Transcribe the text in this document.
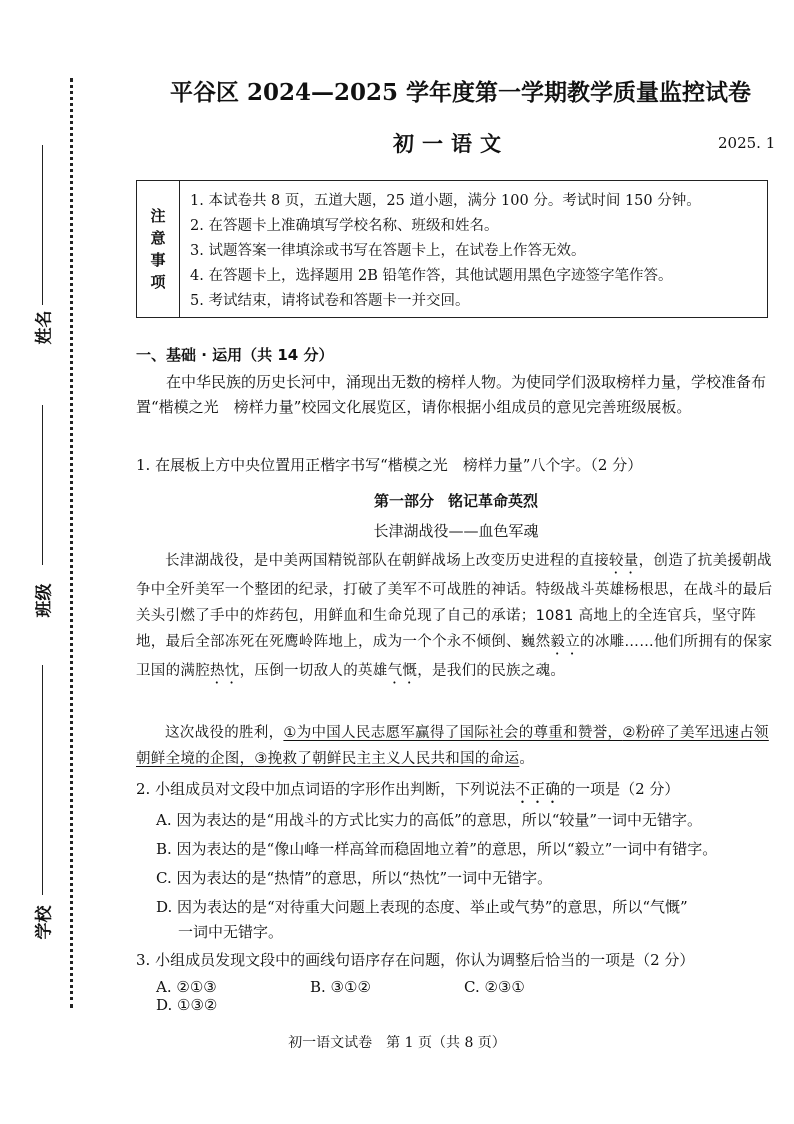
姓名
班级
学校
平谷区 2024—2025 学年度第一学期教学质量监控试卷
初一语文	2025. 1
注
意
事
项
1. 本试卷共 8 页，五道大题，25 道小题，满分 100 分。考试时间 150 分钟。
2. 在答题卡上准确填写学校名称、班级和姓名。
3. 试题答案一律填涂或书写在答题卡上，在试卷上作答无效。
4. 在答题卡上，选择题用 2B 铅笔作答，其他试题用黑色字迹签字笔作答。
5. 考试结束，请将试卷和答题卡一并交回。
一、基础 · 运用（共 14 分）
在中华民族的历史长河中，涌现出无数的榜样人物。为使同学们汲取榜样力量，学校准备布置“楷模之光　榜样力量”校园文化展览区，请你根据小组成员的意见完善班级展板。
1. 在展板上方中央位置用正楷字书写“楷模之光　榜样力量”八个字。（2 分）
第一部分 铭记革命英烈
长津湖战役——血色军魂
长津湖战役，是中美两国精锐部队在朝鲜战场上改变历史进程的直接较量，创造了抗美援朝战争中全歼美军一个整团的纪录，打破了美军不可战胜的神话。特级战斗英雄杨根思，在战斗的最后关头引燃了手中的炸药包，用鲜血和生命兑现了自己的承诺；1081 高地上的全连官兵，坚守阵地，最后全部冻死在死鹰岭阵地上，成为一个个永不倾倒、巍然毅立的冰雕……他们所拥有的保家卫国的满腔热忱，压倒一切敌人的英雄气慨，是我们的民族之魂。
这次战役的胜利，①为中国人民志愿军赢得了国际社会的尊重和赞誉，②粉碎了美军迅速占领朝鲜全境的企图，③挽救了朝鲜民主主义人民共和国的命运。
2. 小组成员对文段中加点词语的字形作出判断，下列说法不正确的一项是（2 分）
A. 因为表达的是“用战斗的方式比实力的高低”的意思，所以“较量”一词中无错字。
B. 因为表达的是“像山峰一样高耸而稳固地立着”的意思，所以“毅立”一词中有错字。
C. 因为表达的是“热情”的意思，所以“热忱”一词中无错字。
D. 因为表达的是“对待重大问题上表现的态度、举止或气势”的意思，所以“气慨”
一词中无错字。
3. 小组成员发现文段中的画线句语序存在问题，你认为调整后恰当的一项是（2 分）
A. ②①③	B. ③①②	C. ②③①D. ①③②
初一语文试卷　第 1 页（共 8 页）
